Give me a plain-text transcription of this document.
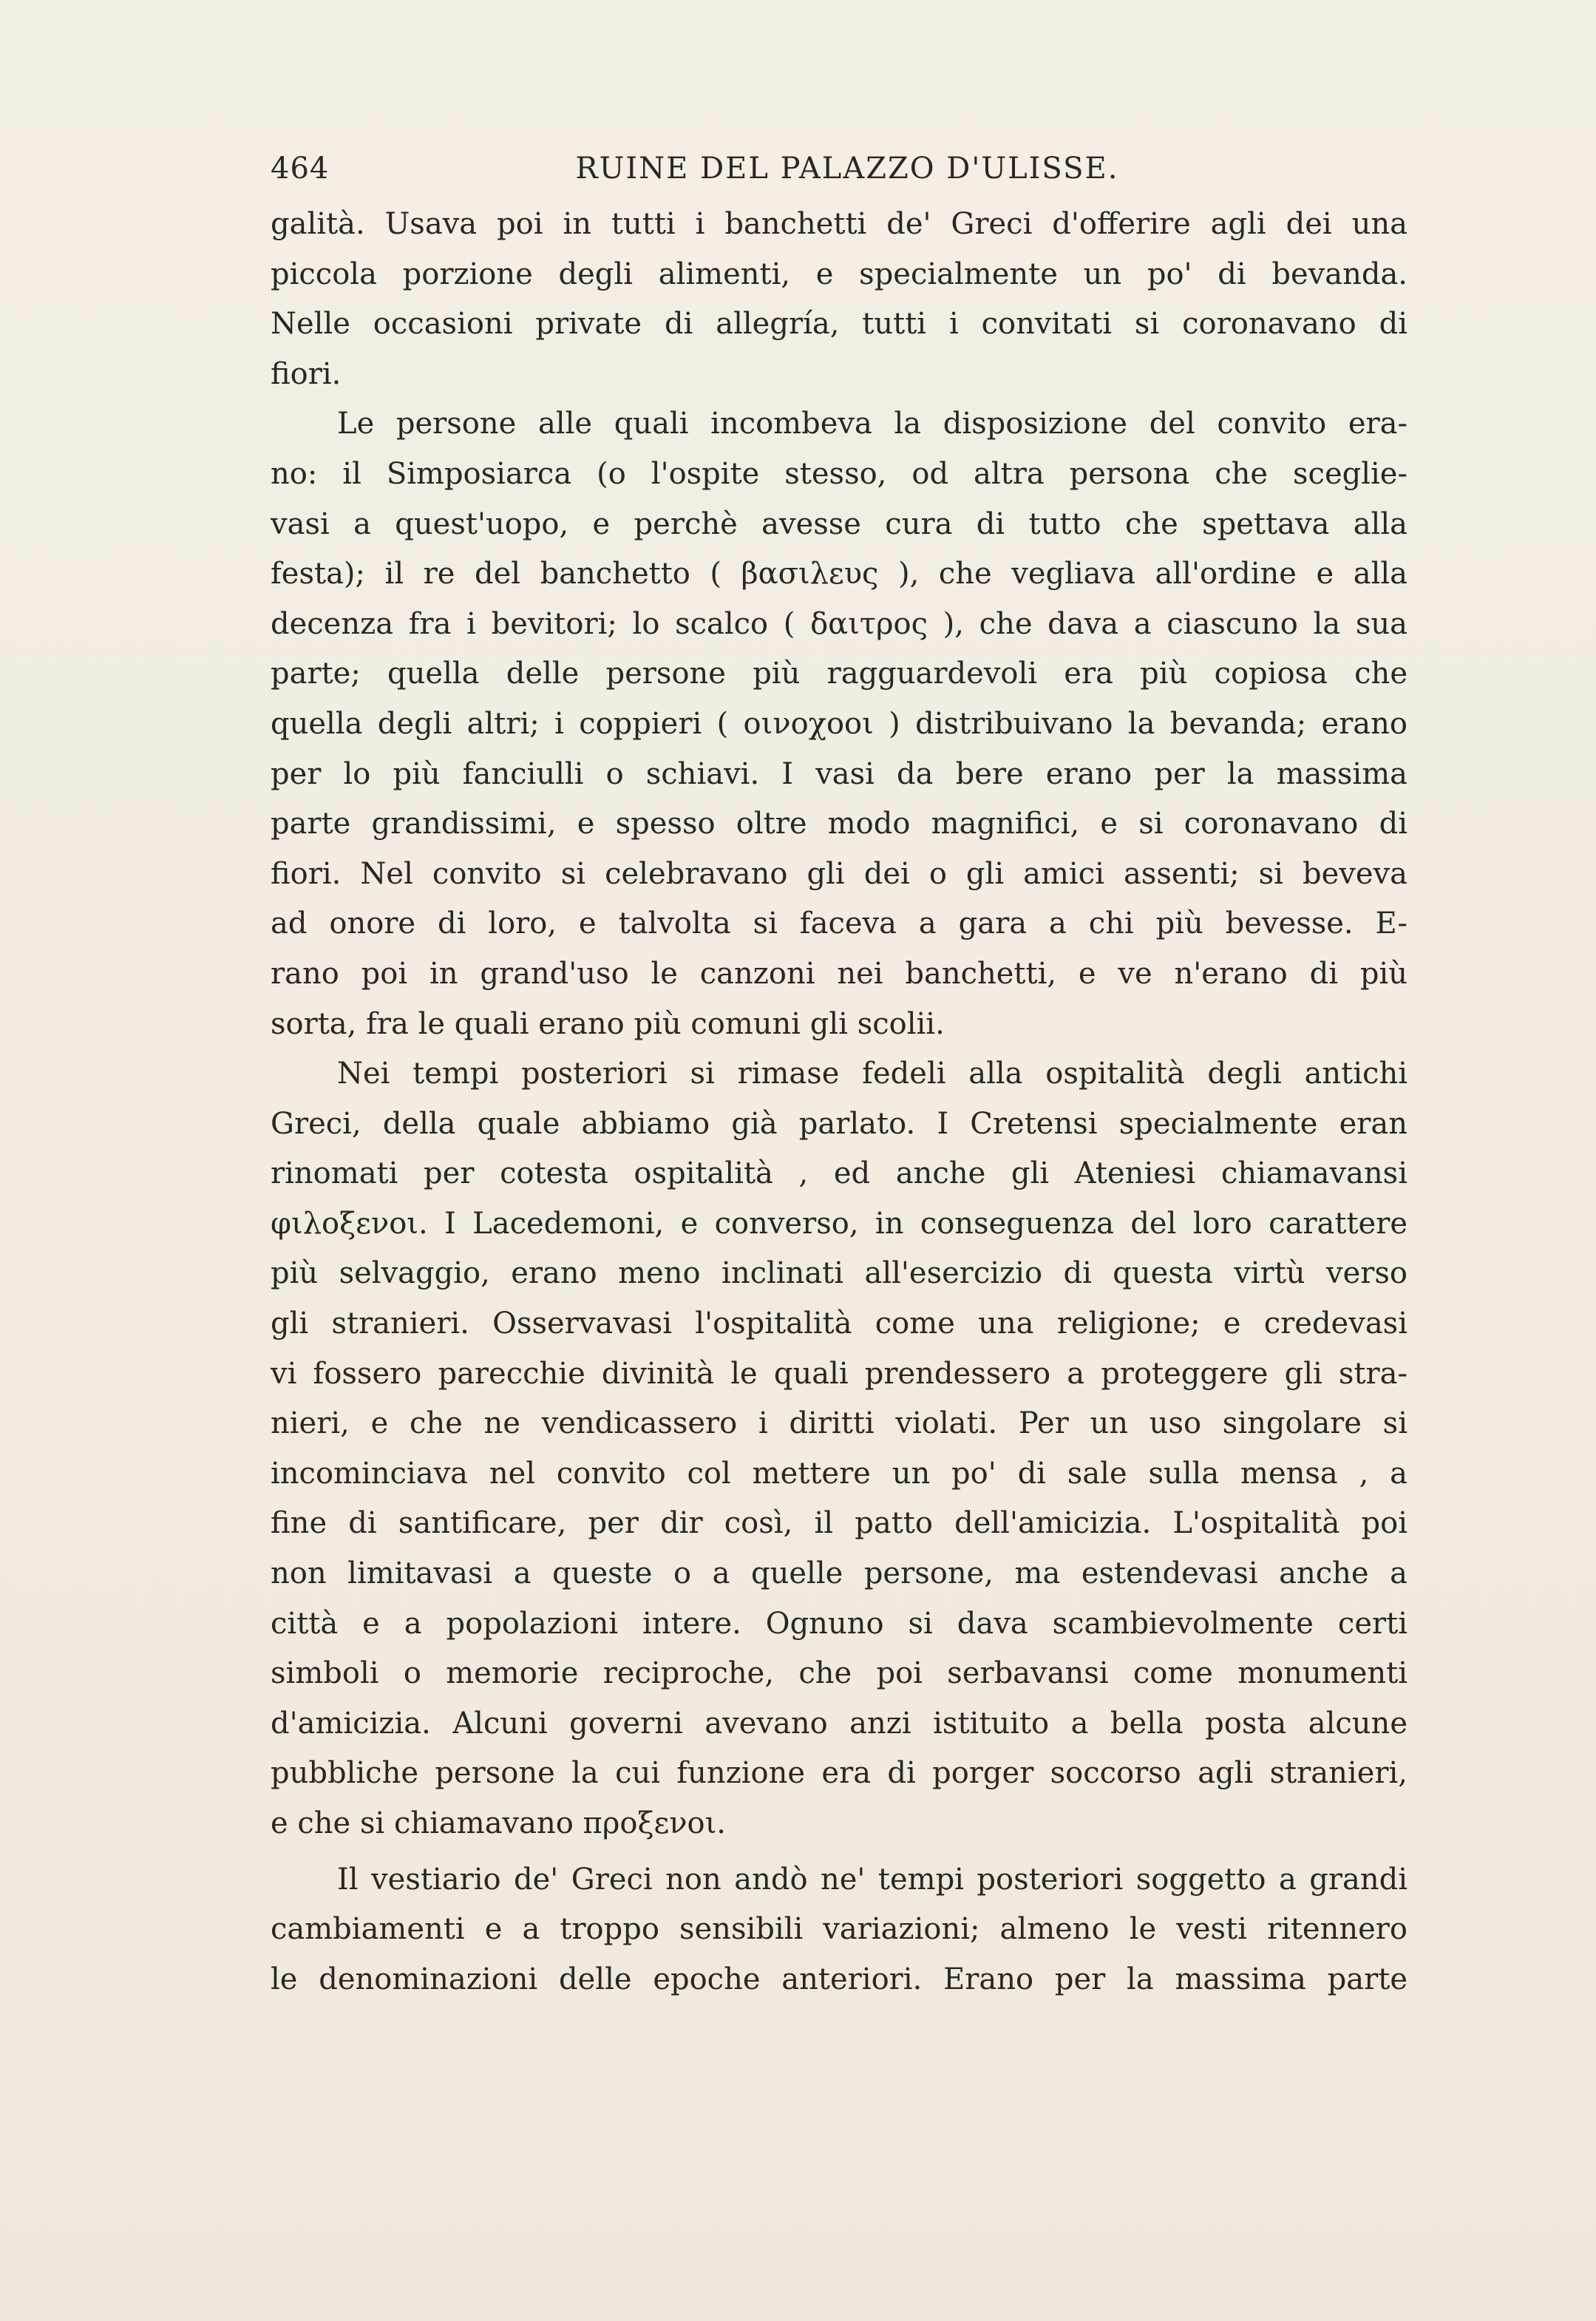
464	RUINE DEL PALAZZO D'ULISSE.
galità. Usava poi in tutti i banchetti de' Greci d'offerire agli dei una
piccola porzione degli alimenti, e specialmente un po' di bevanda.
Nelle occasioni private di allegría, tutti i convitati si coronavano di
fiori.
Le persone alle quali incombeva la disposizione del convito era-
no: il Simposiarca (o l'ospite stesso, od altra persona che sceglie-
vasi a quest'uopo, e perchè avesse cura di tutto che spettava alla
festa); il re del banchetto ( βασιλευς ), che vegliava all'ordine e alla
decenza fra i bevitori; lo scalco ( δαιτρος ), che dava a ciascuno la sua
parte; quella delle persone più ragguardevoli era più copiosa che
quella degli altri; i coppieri ( οινοχοοι ) distribuivano la bevanda; erano
per lo più fanciulli o schiavi. I vasi da bere erano per la massima
parte grandissimi, e spesso oltre modo magnifici, e si coronavano di
fiori. Nel convito si celebravano gli dei o gli amici assenti; si beveva
ad onore di loro, e talvolta si faceva a gara a chi più bevesse. E-
rano poi in grand'uso le canzoni nei banchetti, e ve n'erano di più
sorta, fra le quali erano più comuni gli scolii.
Nei tempi posteriori si rimase fedeli alla ospitalità degli antichi
Greci, della quale abbiamo già parlato. I Cretensi specialmente eran
rinomati per cotesta ospitalità , ed anche gli Ateniesi chiamavansi
φιλοξενοι. I Lacedemoni, e converso, in conseguenza del loro carattere
più selvaggio, erano meno inclinati all'esercizio di questa virtù verso
gli stranieri. Osservavasi l'ospitalità come una religione; e credevasi
vi fossero parecchie divinità le quali prendessero a proteggere gli stra-
nieri, e che ne vendicassero i diritti violati. Per un uso singolare si
incominciava nel convito col mettere un po' di sale sulla mensa , a
fine di santificare, per dir così, il patto dell'amicizia. L'ospitalità poi
non limitavasi a queste o a quelle persone, ma estendevasi anche a
città e a popolazioni intere. Ognuno si dava scambievolmente certi
simboli o memorie reciproche, che poi serbavansi come monumenti
d'amicizia. Alcuni governi avevano anzi istituito a bella posta alcune
pubbliche persone la cui funzione era di porger soccorso agli stranieri,
e che si chiamavano προξενοι.
Il vestiario de' Greci non andò ne' tempi posteriori soggetto a grandi
cambiamenti e a troppo sensibili variazioni; almeno le vesti ritennero
le denominazioni delle epoche anteriori. Erano per la massima parte
